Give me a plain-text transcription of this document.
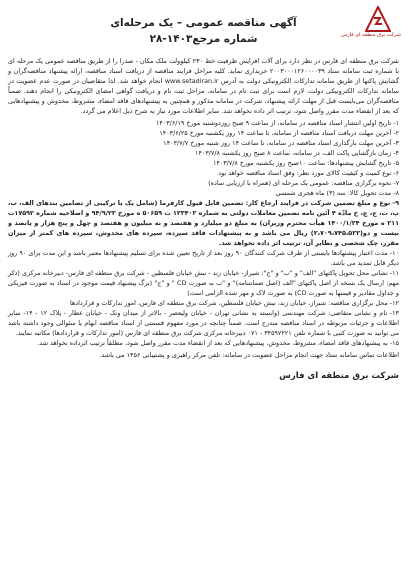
شرکت برق منطقه ای فارس
آگهی مناقصه عمومی – یک مرحله‌ای
شماره مرجع۱۴۰۳-۲۸

شرکت برق منطقه ای فارس در نظر دارد برای آلات افزایش ظرفیت خط ۲۳۰ کیلوولت ملک مکان - صدرا را از طریق مناقصه عمومی یک مرحله ای با شماره ثبت سامانه ستاد ۲۰۰۳۰۰۰۱۲۶۰۰۰۰۳۹ خریداری نماید. کلیه مراحل فرایند مناقصه از دریافت اسناد مناقصه، ارائه پیشنهاد مناقصه‌گران و گشایش پاکتها از طریق سامانه تدارکات الکترونیکی دولت به آدرس www.setadiran.ir انجام خواهد شد. لذا متقاضیان در صورت عدم عضویت در سامانه تدارکات الکترونیکی دولت، لازم است برای ثبت نام در سامانه، مراحل ثبت نام و دریافت گواهی امضای الکترونیکی را انجام دهند. ضمناً مناقصه‌گران می‌بایست قبل از مهلت ارائه پیشنهاد، شرکت در سامانه مذکور و همچنین به پیشنهادهای فاقد امضاء، مشروط، مخدوش و پیشنهادهایی که بعد از انقضاء مدت مقرر واصل شود، ترتیب اثر داده نخواهد شد. سایر اطلاعات مورد نیاز به شرح ذیل اعلام می گردد.

۱- تاریخ اولین انتشار اسناد مناقصه در سامانه، از ساعت ۹ صبح روزدوشنبه مورخ ۱۴۰۳/۶/۱۹
۲- آخرین مهلت دریافت اسناد مناقصه از سامانه، تا ساعت ۱۴ روز یکشنبه مورخ ۱۴۰۳/۶/۲۵
۳- آخرین مهلت بارگذاری اسناد مناقصه در سامانه، تا ساعت ۱۴ روز شنبه مورخ ۱۴۰۳/۷/۷
۴- زمان بازگشایی پاکت الف، در سامانه، ساعت ۸ صبح روز یکشنبه ۱۴۰۳/۷/۸
۵- تاریخ گشایش پیشنهادها: ساعت ۱۰صبح روز یکشنبه مورخ ۱۴۰۳/۷/۸
۶- نوع کمیت و کیفیت کالای مورد نظر: وفق اسناد مناقصه خواهد بود
۷- نحوه برگزاری مناقصه: عمومی یک مرحله ای (همراه با ارزیابی ساده)
۸- مدت تحویل کالا: سه (۳) ماه هجری شمسی
۹- نوع و مبلغ تضمین شرکت در فرایند ارجاع کار: تضمین قابل قبول کارفرما (شامل یک یا ترکیبی از تضامین بندهای الف، ب، پ، ت، ج، چ، ح مادّه ۴ آئین نامه تضمین معاملات دولتی به شماره ۱۲۳۴۰۲ ت ۵۰۶۵۹ ه مورخ ۹۴/۹/۲۲ و اصلاحیه شماره ۱۷۵۹۲ت ۲۱۱ ه مورخ ۱۴۰۰/۱/۲۴ هیأت محترم وزیران) به مبلغ دو میلیارد و هفتصد و نه میلیون و هفتصد و چهل و پنج هزار و پانصد و بیست و دو(۲،۷۰۹،۷۴۵،۵۲۲) ریال می باشد و به پیشنهادات فاقد سپرده، سپرده های مخدوش، سپرده های کمتر از میزان مقرر، چک شخصی و نظایر آن، ترتیب اثر داده نخواهد شد.
۱۰- مدت اعتبار پیشنهادها بایستی از طرف شرکت کنندگان ۹۰ روز بعد از تاریخ تعیین شده برای تسلیم پیشنهادها معتبر باشد و این مدت برای ۹۰ روز دیگر قابل تمدید می باشد.
۱۱- نشانی محل تحویل پاکتهای "الف" و "ب" و "ج": شیراز- خیابان زند - نبش خیابان فلسطین - شرکت برق منطقه ای فارس- دبیرخانه مرکزی (ذکر مهم: ارسال یک نسخه از اصل پاکتهای "الف (اصل ضمانتنامه)" و "ب به صورت CD " و "ج" (برگ پیشنهاد قیمت موجود در اسناد به صورت فیزیکی و جداول مقادیر و قیمتها به صورت CD) به صورت لاک و مهر شده الزامی است)
۱۲- محل برگزاری مناقصه: شیراز، خیابان زند، نبش خیابان فلسطین، شرکت برق منطقه ای فارس، امور تدارکات و قراردادها
۱۳- نام و نشانی متقاضی: شرکت مهندسی (وابسته به نشانی تهران - خیابان ولیعصر - بالاتر از میدان ونک - خیابان عطار - پلاک ۱۲ - ۱۴- سایر اطلاعات و جزئیات مربوطه در اسناد مناقصه مندرج است. ضمناً چنانچه در مورد مفهوم قسمتی از اسناد مناقصه ابهام یا سئوالی وجود داشته باشد می توانید به صورت کتبی با شماره تلفن ۳۴۵۹۷۲۲۱ - ۰۷۱ دبیرخانه مرکزی شرکت برق منطقه ای فارس (امور تدارکات و قراردادها) مکاتبه نمایند.
۱۵- به پیشنهادهای فاقد امضاء، مشروط، مخدوش، پیشنهادهایی که بعد از انقضاء مدت مقرر واصل شود، مطلقاً ترتیب اثرداده نخواهد شد.
اطلاعات تماس سامانه ستاد جهت انجام مراحل عضویت در سامانه: تلفن مرکز راهبری و پشتیبانی ۱۴۵۶ می باشد.
شرکت برق منطقه ای فارس
